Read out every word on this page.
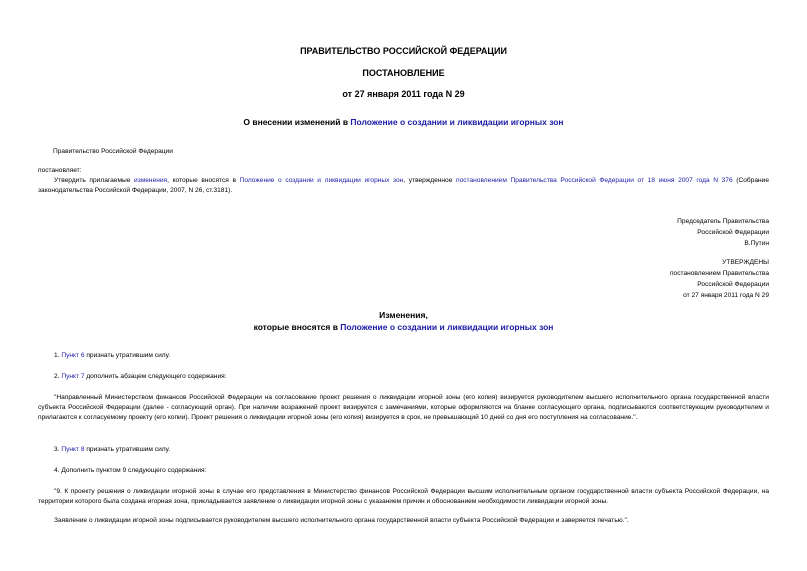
ПРАВИТЕЛЬСТВО РОССИЙСКОЙ ФЕДЕРАЦИИ
ПОСТАНОВЛЕНИЕ
от 27 января 2011 года N 29
О внесении изменений в Положение о создании и ликвидации игорных зон
Правительство Российской Федерации
постановляет:
Утвердить прилагаемые изменения, которые вносятся в Положение о создании и ликвидации игорных зон, утвержденное постановлением Правительства Российской Федерации от 18 июня 2007 года N 376 (Собрание законодательства Российской Федерации, 2007, N 26, ст.3181).
Председатель Правительства
Российской Федерации
В.Путин
УТВЕРЖДЕНЫ
постановлением Правительства
Российской Федерации
от 27 января 2011 года N 29
Изменения,
которые вносятся в Положение о создании и ликвидации игорных зон
1. Пункт 6 признать утратившим силу.
2. Пункт 7 дополнить абзацем следующего содержания:
"Направленный Министерством финансов Российской Федерации на согласование проект решения о ликвидации игорной зоны (его копия) визируется руководителем высшего исполнительного органа государственной власти субъекта Российской Федерации (далее - согласующий орган). При наличии возражений проект визируется с замечаниями, которые оформляются на бланке согласующего органа, подписываются соответствующим руководителем и прилагаются к согласуемому проекту (его копии). Проект решения о ликвидации игорной зоны (его копия) визируется в срок, не превышающий 10 дней со дня его поступления на согласование.".
3. Пункт 8 признать утратившим силу.
4. Дополнить пунктом 9 следующего содержания:
"9. К проекту решения о ликвидации игорной зоны в случае его представления в Министерство финансов Российской Федерации высшим исполнительным органом государственной власти субъекта Российской Федерации, на территории которого была создана игорная зона, прикладывается заявление о ликвидации игорной зоны с указанием причин и обоснованием необходимости ликвидации игорной зоны.
Заявление о ликвидации игорной зоны подписывается руководителем высшего исполнительного органа государственной власти субъекта Российской Федерации и заверяется печатью.".
